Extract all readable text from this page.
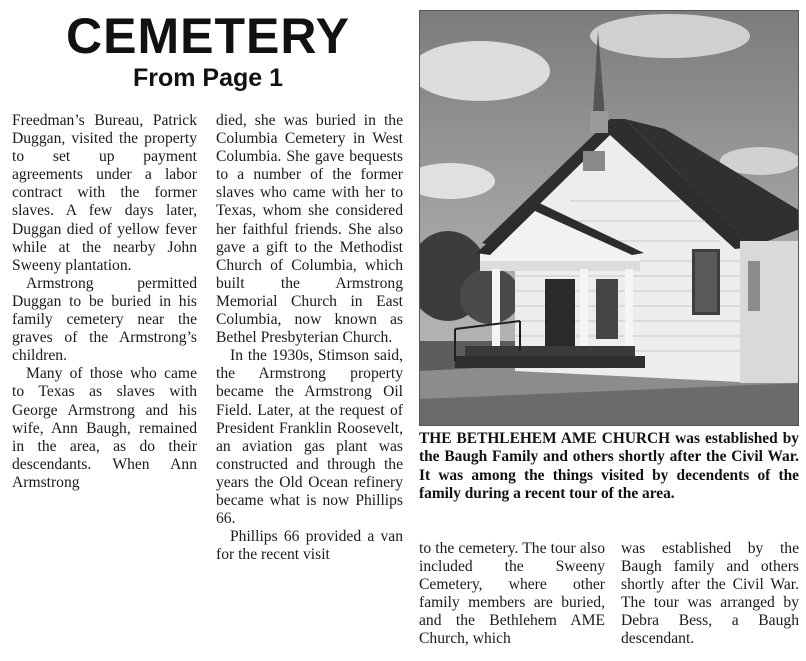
CEMETERY
From Page 1

Freedman’s Bureau, Patrick Duggan, visited the property to set up payment agreements under a labor contract with the former slaves. A few days later, Duggan died of yellow fever while at the nearby John Sweeny plantation.

Armstrong permitted Duggan to be buried in his family cemetery near the graves of the Armstrong’s children.

Many of those who came to Texas as slaves with George Armstrong and his wife, Ann Baugh, remained in the area, as do their descendants. When Ann Armstrong

died, she was buried in the Columbia Cemetery in West Columbia. She gave bequests to a number of the former slaves who came with her to Texas, whom she considered her faithful friends. She also gave a gift to the Methodist Church of Columbia, which built the Armstrong Memorial Church in East Columbia, now known as Bethel Presbyterian Church.

In the 1930s, Stimson said, the Armstrong property became the Armstrong Oil Field. Later, at the request of President Franklin Roosevelt, an aviation gas plant was constructed and through the years the Old Ocean refinery became what is now Phillips 66.

Phillips 66 provided a van for the recent visit

THE BETHLEHEM AME CHURCH was established by the Baugh Family and others shortly after the Civil War. It was among the things visited by decendents of the family during a recent tour of the area.

to the cemetery. The tour also included the Sweeny Cemetery, where other family members are buried, and the Bethlehem AME Church, which

was established by the Baugh family and others shortly after the Civil War. The tour was arranged by Debra Bess, a Baugh descendant.
